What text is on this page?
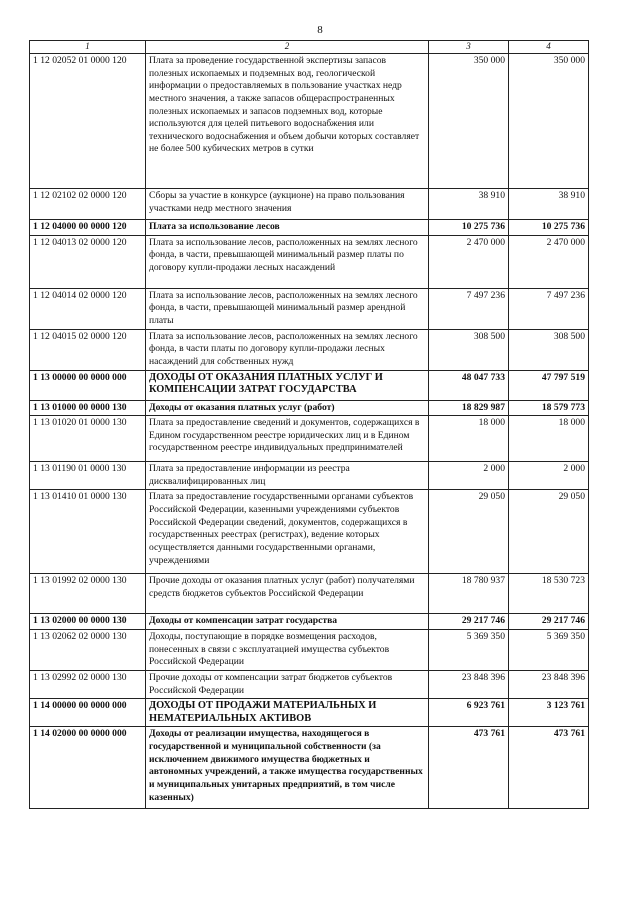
8
1	2	3	4
1 12 02052 01 0000 120	Плата за проведение государственной экспертизы запасов полезных ископаемых и подземных вод, геологической информации о предоставляемых в пользование участках недр местного значения, а также запасов общераспространенных полезных ископаемых и запасов подземных вод, которые используются для целей питьевого водоснабжения или технического водоснабжения и объем добычи которых составляет не более 500 кубических метров в сутки	350 000	350 000
1 12 02102 02 0000 120	Сборы за участие в конкурсе (аукционе) на право пользования участками недр местного значения	38 910	38 910
1 12 04000 00 0000 120	Плата за использование лесов	10 275 736	10 275 736
1 12 04013 02 0000 120	Плата за использование лесов, расположенных на землях лесного фонда, в части, превышающей минимальный размер платы по договору купли-продажи лесных насаждений	2 470 000	2 470 000
1 12 04014 02 0000 120	Плата за использование лесов, расположенных на землях лесного фонда, в части, превышающей минимальный размер арендной платы	7 497 236	7 497 236
1 12 04015 02 0000 120	Плата за использование лесов, расположенных на землях лесного фонда, в части платы по договору купли-продажи лесных насаждений для собственных нужд	308 500	308 500
1 13 00000 00 0000 000	ДОХОДЫ ОТ ОКАЗАНИЯ ПЛАТНЫХ УСЛУГ И КОМПЕНСАЦИИ ЗАТРАТ ГОСУДАРСТВА	48 047 733	47 797 519
1 13 01000 00 0000 130	Доходы от оказания платных услуг (работ)	18 829 987	18 579 773
1 13 01020 01 0000 130	Плата за предоставление сведений и документов, содержащихся в Едином государственном реестре юридических лиц и в Едином государственном реестре индивидуальных предпринимателей	18 000	18 000
1 13 01190 01 0000 130	Плата за предоставление информации из реестра дисквалифицированных лиц	2 000	2 000
1 13 01410 01 0000 130	Плата за предоставление государственными органами субъектов Российской Федерации, казенными учреждениями субъектов Российской Федерации сведений, документов, содержащихся в государственных реестрах (регистрах), ведение которых осуществляется данными государственными органами, учреждениями	29 050	29 050
1 13 01992 02 0000 130	Прочие доходы от оказания платных услуг (работ) получателями средств бюджетов субъектов Российской Федерации	18 780 937	18 530 723
1 13 02000 00 0000 130	Доходы от компенсации затрат государства	29 217 746	29 217 746
1 13 02062 02 0000 130	Доходы, поступающие в порядке возмещения расходов, понесенных в связи с эксплуатацией имущества субъектов Российской Федерации	5 369 350	5 369 350
1 13 02992 02 0000 130	Прочие доходы от компенсации затрат бюджетов субъектов Российской Федерации	23 848 396	23 848 396
1 14 00000 00 0000 000	ДОХОДЫ ОТ ПРОДАЖИ МАТЕРИАЛЬНЫХ И НЕМАТЕРИАЛЬНЫХ АКТИВОВ	6 923 761	3 123 761
1 14 02000 00 0000 000	Доходы от реализации имущества, находящегося в государственной и муниципальной собственности (за исключением движимого имущества бюджетных и автономных учреждений, а также имущества государственных и муниципальных унитарных предприятий, в том числе казенных)	473 761	473 761
